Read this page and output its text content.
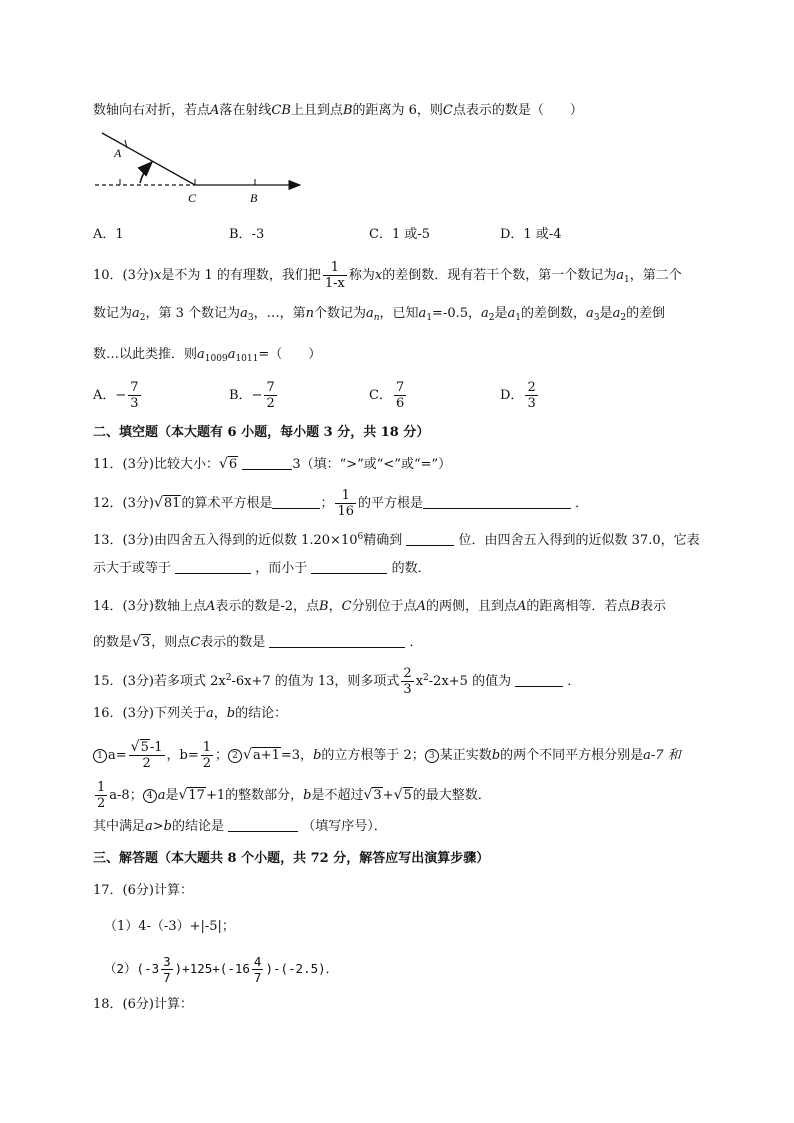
数轴向右对折，若点A落在射线CB上且到点B的距离为 6，则C点表示的数是（　　）
A
C	B
A．1	B．-3	C．1 或-5	D．1 或-4
10．(3分)x是不为 1 的有理数，我们把 $\frac{1}{1-x}$ 称为x的差倒数．现有若干个数，第一个数记为$a_1$，第二个
数记为$a_2$，第 3 个数记为$a_3$，…，第n个数记为$a_n$，已知$a_1=-0.5$，$a_2$是$a_1$的差倒数，$a_3$是$a_2$的差倒
数…以此类推．则$a_{1009}a_{1011}=$（　　）
A．− $\frac{7}{3}$	B．− $\frac{7}{2}$	C． $\frac{7}{6}$	D． $\frac{2}{3}$
二、填空题（本大题有 6 小题，每小题 3 分，共 18 分）
11．(3分)比较大小：√6	3（填：“>”或“<”或“=”）
12．(3分)√81的算术平方根是	； $\frac{1}{16}$ 的平方根是	．
13．(3分)由四舍五入得到的近似数 $1.20\times 10^6$精确到	位．由四舍五入得到的近似数 37.0，它表
示大于或等于	，而小于	的数．
14．(3分)数轴上点A表示的数是-2，点B，C分别位于点A的两侧，且到点A的距离相等．若点B表示
的数是√3，则点C表示的数是	．
15．(3分)若多项式 $2x^2-6x+7$ 的值为 13，则多项式 $\frac{2}{3} x^2-2x+5$ 的值为	．
16．(3分)下列关于a，b的结论：
1 $a= \frac{√5-1}{2}$ ，$b= \frac{1}{2}$ ； 2 √a+1=3，b的立方根等于 2； 3 某正实数b的两个不同平方根分别是a-7 和
$\frac{1}{2} a-8$； 4 a是√17+1的整数部分，b是不超过√3+√5的最大整数．
其中满足a>b的结论是	（填写序号）．
三、解答题（本大题共 8 个小题，共 72 分，解答应写出演算步骤）
17．(6分)计算：
（1）4-（-3）+|-5|；
$(2)(-3 \frac{3}{7} )+125+(-16 \frac{4}{7} )-(-2.5)$．
18．(6分)计算：
